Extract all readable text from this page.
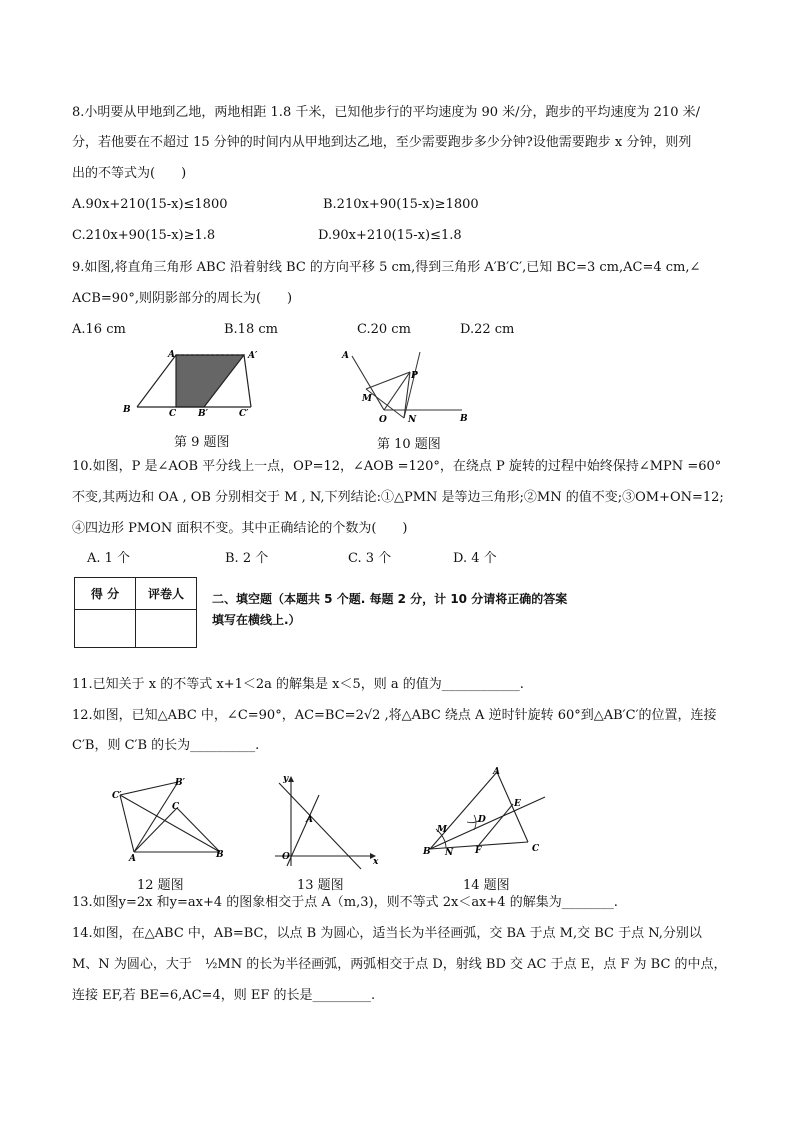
8.小明要从甲地到乙地，两地相距 1.8 千米，已知他步行的平均速度为 90 米/分，跑步的平均速度为 210 米/
分，若他要在不超过 15 分钟的时间内从甲地到达乙地，至少需要跑步多少分钟?设他需要跑步 x 分钟，则列
出的不等式为(　　)
A.90x+210(15-x)≤1800	B.210x+90(15-x)≥1800
C.210x+90(15-x)≥1.8	D.90x+210(15-x)≤1.8
9.如图,将直角三角形 ABC 沿着射线 BC 的方向平移 5 cm,得到三角形 A′B′C′,已知 BC=3 cm,AC=4 cm,∠
ACB=90°,则阴影部分的周长为(　　)
A.16 cm	B.18 cm	C.20 cm	D.22 cm
A	A′
B	C B′	C′
第 9 题图
A
P
M
O N	B
第 10 题图
10.如图，P 是∠AOB 平分线上一点，OP=12，∠AOB =120°，在绕点 P 旋转的过程中始终保持∠MPN =60°
不变,其两边和 OA , OB 分别相交于 M , N,下列结论:①△PMN 是等边三角形;②MN 的值不变;③OM+ON=12;
④四边形 PMON 面积不变。其中正确结论的个数为(　　)
A. 1 个	B. 2 个	C. 3 个	D. 4 个
得 分	评卷人
	二、填空题（本题共 5 个题. 每题 2 分，计 10 分请将正确的答案
填写在横线上.）
11.已知关于 x 的不等式 x+1＜2a 的解集是 x＜5，则 a 的值为____________.
12.如图，已知△ABC 中，∠C=90°，AC=BC=2√2 ,将△ABC 绕点 A 逆时针旋转 60°到△AB′C′的位置，连接
C′B，则 C′B 的长为__________.
C′
B′
C
A	B
12 题图
y
A
O	x
13 题图
A
E
D
M
B N F	C
14 题图
13.如图y=2x 和y=ax+4 的图象相交于点 A（m,3)，则不等式 2x＜ax+4 的解集为________.
14.如图，在△ABC 中，AB=BC，以点 B 为圆心，适当长为半径画弧，交 BA 于点 M,交 BC 于点 N,分别以
M、N 为圆心，大于　½MN 的长为半径画弧，两弧相交于点 D，射线 BD 交 AC 于点 E，点 F 为 BC 的中点，
连接 EF,若 BE=6,AC=4，则 EF 的长是_________.
